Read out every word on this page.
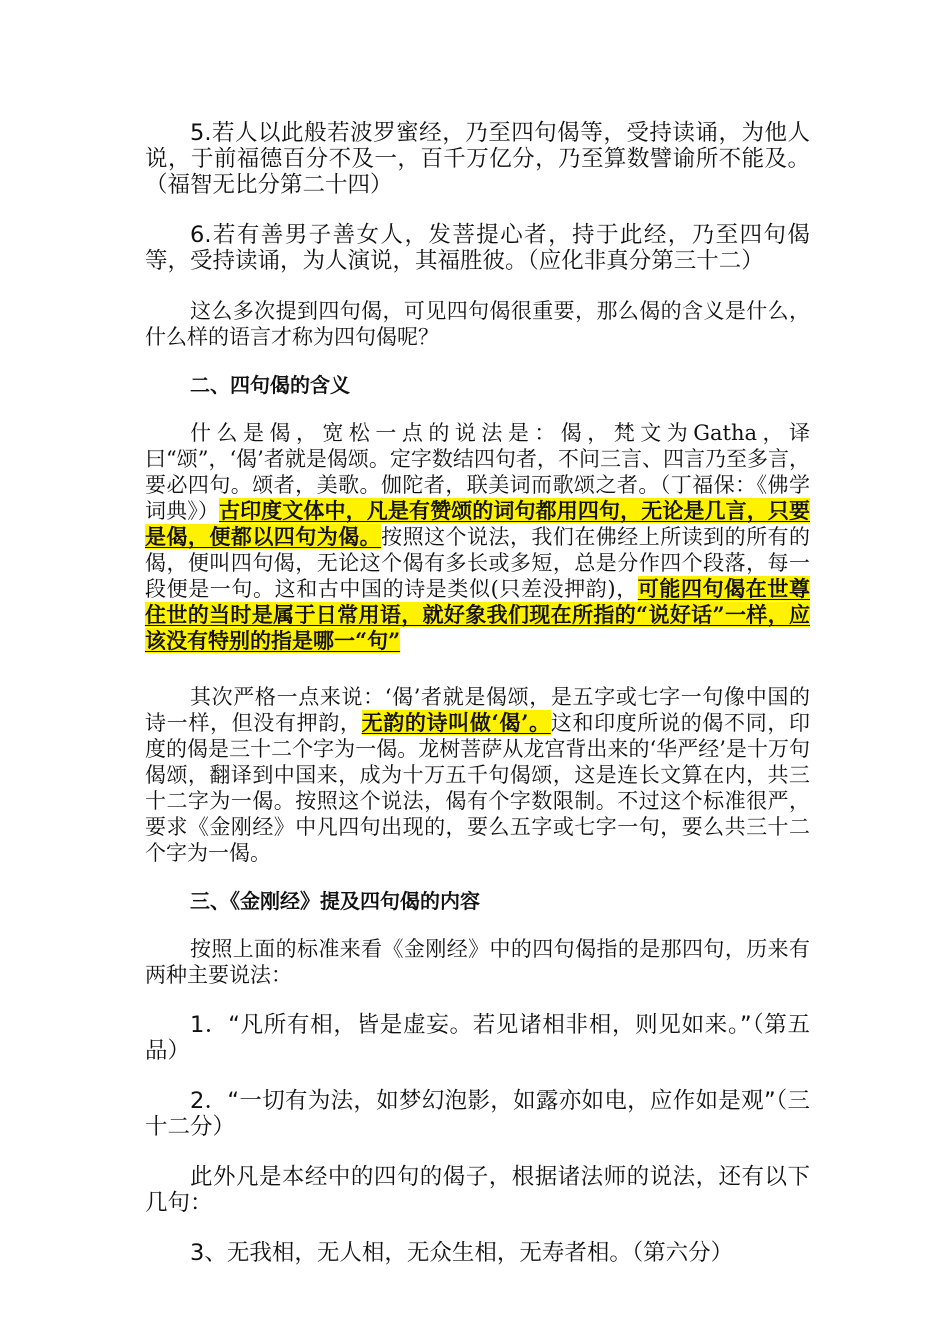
5.若人以此般若波罗蜜经，乃至四句偈等，受持读诵，为他人说，于前福德百分不及一，百千万亿分，乃至算数譬谕所不能及。（福智无比分第二十四）

6.若有善男子善女人，发菩提心者，持于此经，乃至四句偈等，受持读诵，为人演说，其福胜彼。（应化非真分第三十二）

这么多次提到四句偈，可见四句偈很重要，那么偈的含义是什么，什么样的语言才称为四句偈呢？

二、四句偈的含义

什么是偈，宽松一点的说法是：偈，梵文为Gatha，译曰“颂”，‘偈’者就是偈颂。定字数结四句者，不问三言、四言乃至多言，要必四句。颂者，美歌。伽陀者，联美词而歌颂之者。（丁福保：《佛学词典》）古印度文体中，凡是有赞颂的词句都用四句，无论是几言，只要是偈，便都以四句为偈。按照这个说法，我们在佛经上所读到的所有的偈，便叫四句偈，无论这个偈有多长或多短，总是分作四个段落，每一段便是一句。这和古中国的诗是类似(只差没押韵)，可能四句偈在世尊住世的当时是属于日常用语，就好象我们现在所指的“说好话”一样，应该没有特别的指是哪一“句”

其次严格一点来说：‘偈’者就是偈颂，是五字或七字一句像中国的诗一样，但没有押韵，无韵的诗叫做‘偈’。这和印度所说的偈不同，印度的偈是三十二个字为一偈。龙树菩萨从龙宫背出来的‘华严经’是十万句偈颂，翻译到中国来，成为十万五千句偈颂，这是连长文算在内，共三十二字为一偈。按照这个说法，偈有个字数限制。不过这个标准很严，要求《金刚经》中凡四句出现的，要么五字或七字一句，要么共三十二个字为一偈。

三、《金刚经》提及四句偈的内容

按照上面的标准来看《金刚经》中的四句偈指的是那四句，历来有两种主要说法：

1．“凡所有相，皆是虚妄。若见诸相非相，则见如来。”（第五品）

2．“一切有为法，如梦幻泡影，如露亦如电，应作如是观”（三十二分）

此外凡是本经中的四句的偈子，根据诸法师的说法，还有以下几句：

3、无我相，无人相，无众生相，无寿者相。（第六分）
